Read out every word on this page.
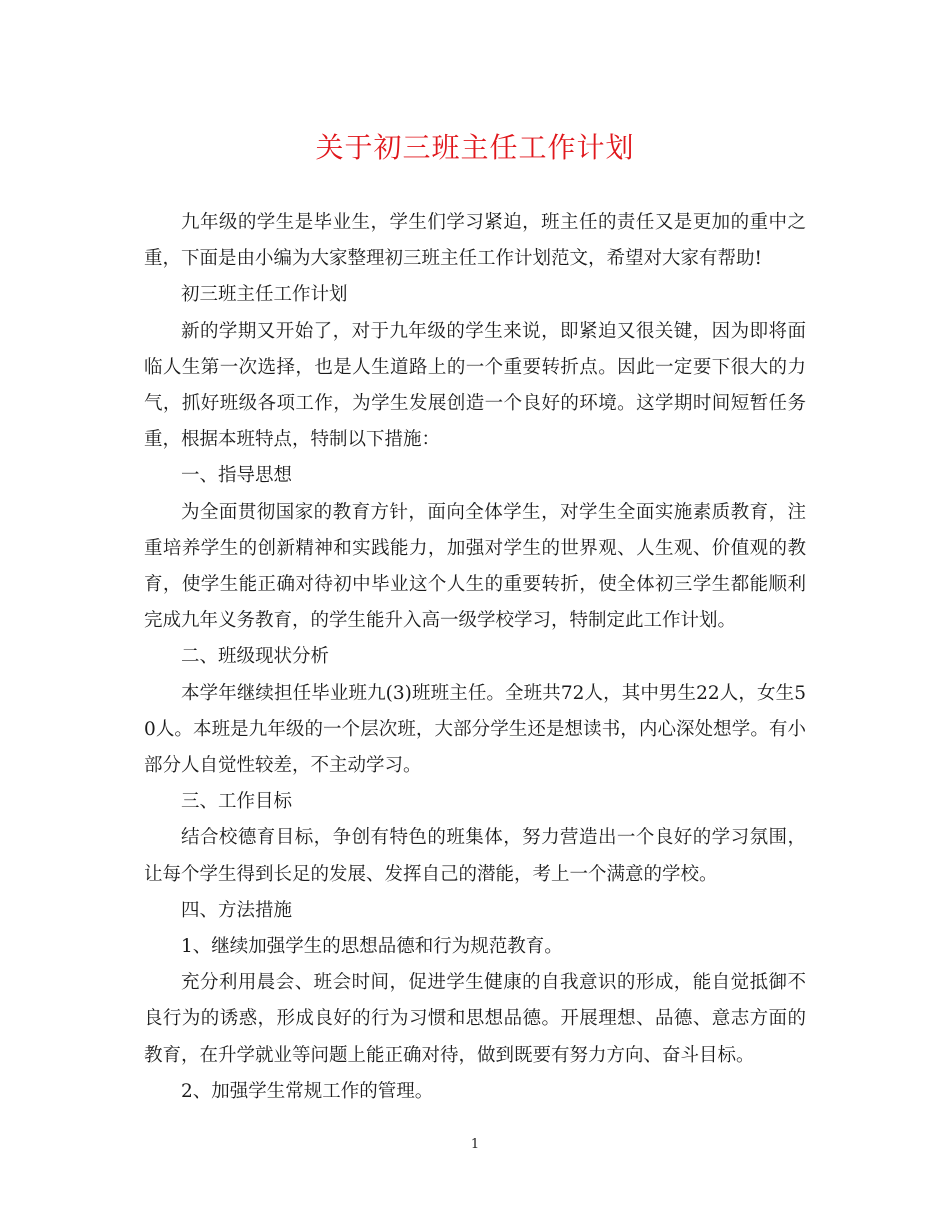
关于初三班主任工作计划

九年级的学生是毕业生，学生们学习紧迫，班主任的责任又是更加的重中之重，下面是由小编为大家整理初三班主任工作计划范文，希望对大家有帮助!

初三班主任工作计划

新的学期又开始了，对于九年级的学生来说，即紧迫又很关键，因为即将面临人生第一次选择，也是人生道路上的一个重要转折点。因此一定要下很大的力气，抓好班级各项工作，为学生发展创造一个良好的环境。这学期时间短暂任务重，根据本班特点，特制以下措施：

一、指导思想

为全面贯彻国家的教育方针，面向全体学生，对学生全面实施素质教育，注重培养学生的创新精神和实践能力，加强对学生的世界观、人生观、价值观的教育，使学生能正确对待初中毕业这个人生的重要转折，使全体初三学生都能顺利完成九年义务教育，的学生能升入高一级学校学习，特制定此工作计划。

二、班级现状分析

本学年继续担任毕业班九(3)班班主任。全班共72人，其中男生22人，女生50人。本班是九年级的一个层次班，大部分学生还是想读书，内心深处想学。有小部分人自觉性较差，不主动学习。

三、工作目标

结合校德育目标，争创有特色的班集体，努力营造出一个良好的学习氛围，让每个学生得到长足的发展、发挥自己的潜能，考上一个满意的学校。

四、方法措施

1、继续加强学生的思想品德和行为规范教育。

充分利用晨会、班会时间，促进学生健康的自我意识的形成，能自觉抵御不良行为的诱惑，形成良好的行为习惯和思想品德。开展理想、品德、意志方面的教育，在升学就业等问题上能正确对待，做到既要有努力方向、奋斗目标。

2、加强学生常规工作的管理。

1
